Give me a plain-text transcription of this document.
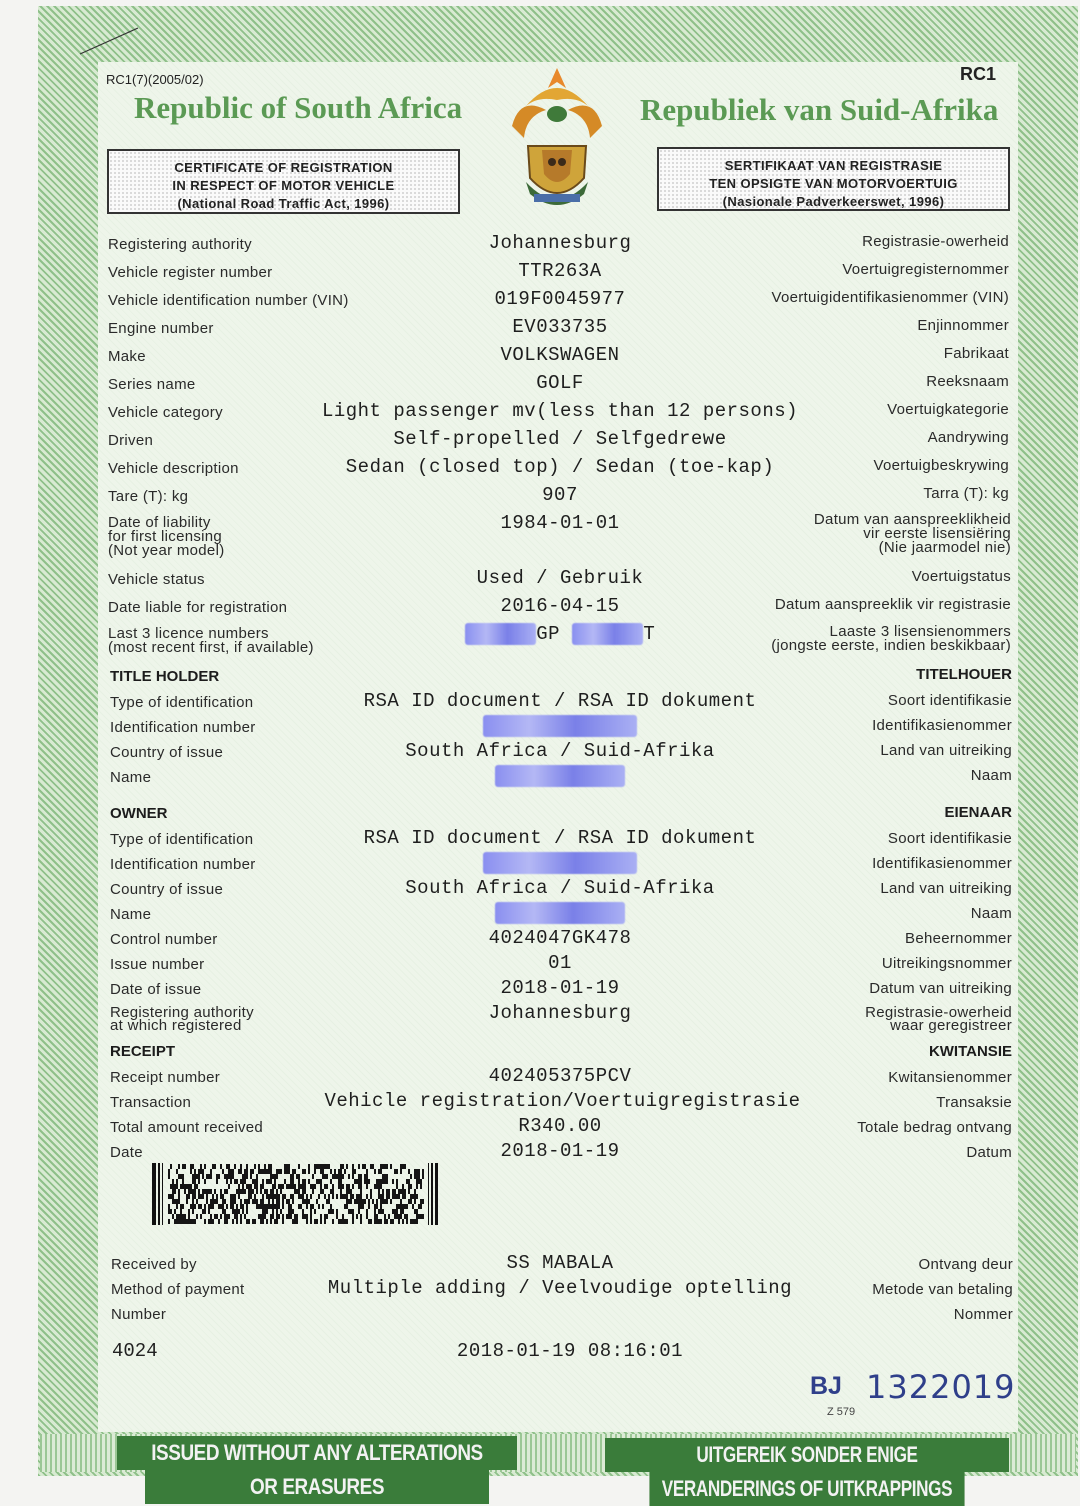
RC1(7)(2005/02)	RC1
Republic of South Africa	Republiek van Suid-Afrika
CERTIFICATE OF REGISTRATION
IN RESPECT OF MOTOR VEHICLE
(National Road Traffic Act, 1996)
SERTIFIKAAT VAN REGISTRASIE
TEN OPSIGTE VAN MOTORVOERTUIG
(Nasionale Padverkeerswet, 1996)
Registering authority	Johannesburg	Registrasie-owerheid
Vehicle register number	TTR263A	Voertuigregisternommer
Vehicle identification number (VIN)	019F0045977	Voertuigidentifikasienommer (VIN)
Engine number	EV033735	Enjinnommer
Make	VOLKSWAGEN	Fabrikaat
Series name	GOLF	Reeksnaam
Vehicle category	Light passenger mv(less than 12 persons)	Voertuigkategorie
Driven	Self-propelled / Selfgedrewe	Aandrywing
Vehicle description	Sedan (closed top) / Sedan (toe-kap)	Voertuigbeskrywing
Tare (T): kg	907	Tarra (T): kg
Date of liability
for first licensing
(Not year model)
1984-01-01	Datum van aanspreeklikheid
vir eerste lisensiëring
(Nie jaarmodel nie)
Vehicle status	Used / Gebruik	Voertuigstatus
Date liable for registration	2016-04-15	Datum aanspreeklik vir registrasie
Last 3 licence numbers
(most recent first, if available)
GP	T	Laaste 3 lisensienommers
(jongste eerste, indien beskikbaar)
TITLE HOLDER	TITELHOUER
Type of identification	RSA ID document / RSA ID dokument	Soort identifikasie
Identification number	Identifikasienommer
Country of issue	South Africa / Suid-Afrika	Land van uitreiking
Name	Naam
OWNER	EIENAAR
Type of identification	RSA ID document / RSA ID dokument	Soort identifikasie
Identification number	Identifikasienommer
Country of issue	South Africa / Suid-Afrika	Land van uitreiking
Name	Naam
Control number	4024047GK478	Beheernommer
Issue number	01	Uitreikingsnommer
Date of issue	2018-01-19	Datum van uitreiking
Registering authority
at which registered
Johannesburg	Registrasie-owerheid
waar geregistreer
RECEIPT	KWITANSIE
Receipt number	402405375PCV	Kwitansienommer
Transaction	Vehicle registration/Voertuigregistrasie	Transaksie
Total amount received	R340.00	Totale bedrag ontvang
Date	2018-01-19	Datum
Received by	SS MABALA	Ontvang deur
Method of payment	Multiple adding / Veelvoudige optelling	Metode van betaling
Number	Nommer
4024	2018-01-19 08:16:01
BJ 1322019
Z 579
ISSUED WITHOUT ANY ALTERATIONS OR ERASURES
UITGEREIK SONDER ENIGE VERANDERINGS OF UITKRAPPINGS
